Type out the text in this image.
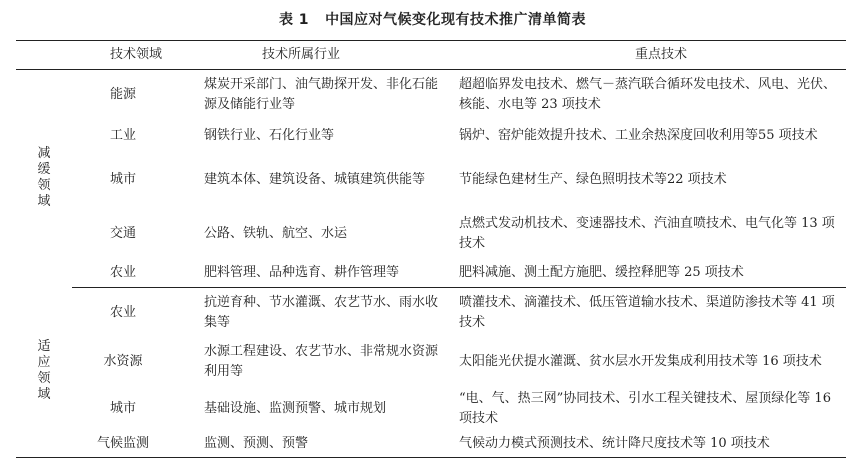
表 1 中国应对气候变化现有技术推广清单简表
	技术领域	技术所属行业	重点技术
减缓领域	能源	煤炭开采部门、油气勘探开发、非化石能源及储能行业等	超超临界发电技术、燃气－蒸汽联合循环发电技术、风电、光伏、核能、水电等 23 项技术
	工业	钢铁行业、石化行业等	锅炉、窑炉能效提升技术、工业余热深度回收利用等55 项技术
	城市	建筑本体、建筑设备、城镇建筑供能等	节能绿色建材生产、绿色照明技术等22 项技术
	交通	公路、铁轨、航空、水运	点燃式发动机技术、变速器技术、汽油直喷技术、电气化等 13 项技术
	农业	肥料管理、品种选育、耕作管理等	肥料减施、测土配方施肥、缓控释肥等 25 项技术
适应领域	农业	抗逆育种、节水灌溉、农艺节水、雨水收集等	喷灌技术、滴灌技术、低压管道输水技术、渠道防渗技术等 41 项技术
	水资源	水源工程建设、农艺节水、非常规水资源利用等	太阳能光伏提水灌溉、贫水层水开发集成利用技术等 16 项技术
	城市	基础设施、监测预警、城市规划	“电、气、热三网”协同技术、引水工程关键技术、屋顶绿化等 16 项技术
	气候监测	监测、预测、预警	气候动力模式预测技术、统计降尺度技术等 10 项技术
